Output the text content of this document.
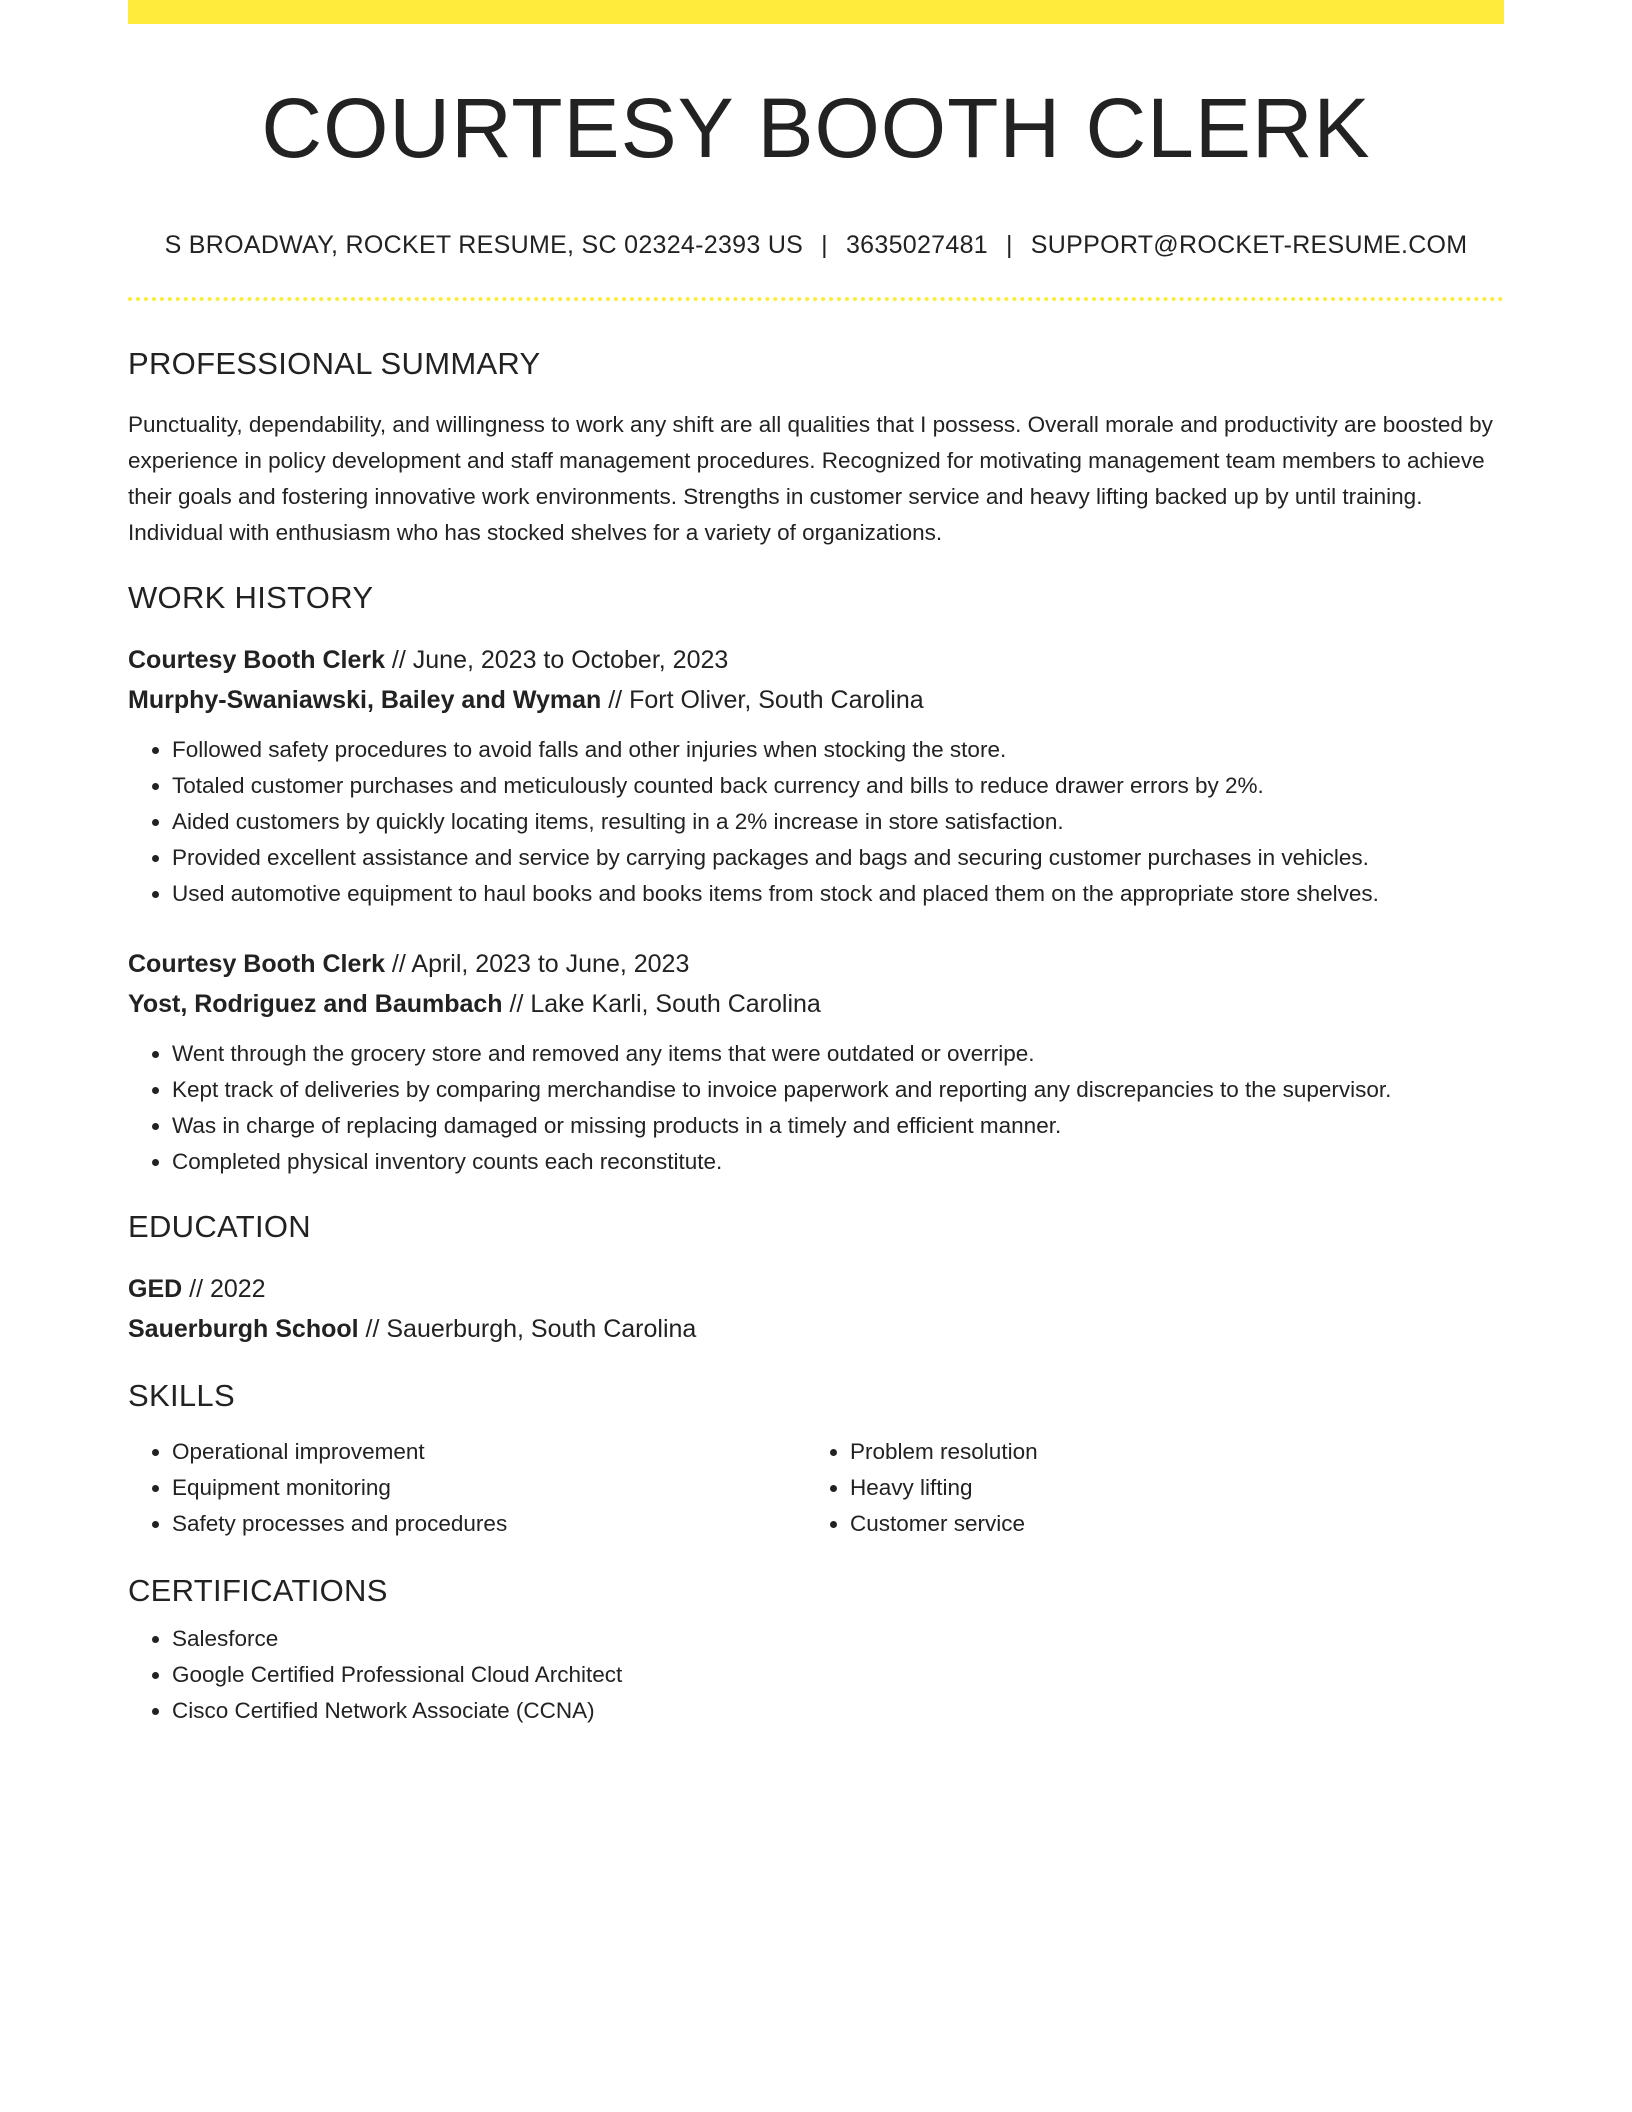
COURTESY BOOTH CLERK
S BROADWAY, ROCKET RESUME, SC 02324-2393 US | 3635027481 | SUPPORT@ROCKET-RESUME.COM
PROFESSIONAL SUMMARY
Punctuality, dependability, and willingness to work any shift are all qualities that I possess. Overall morale and productivity are boosted by experience in policy development and staff management procedures. Recognized for motivating management team members to achieve their goals and fostering innovative work environments. Strengths in customer service and heavy lifting backed up by until training. Individual with enthusiasm who has stocked shelves for a variety of organizations.
WORK HISTORY
Courtesy Booth Clerk // June, 2023 to October, 2023
Murphy-Swaniawski, Bailey and Wyman // Fort Oliver, South Carolina
• Followed safety procedures to avoid falls and other injuries when stocking the store.
• Totaled customer purchases and meticulously counted back currency and bills to reduce drawer errors by 2%.
• Aided customers by quickly locating items, resulting in a 2% increase in store satisfaction.
• Provided excellent assistance and service by carrying packages and bags and securing customer purchases in vehicles.
• Used automotive equipment to haul books and books items from stock and placed them on the appropriate store shelves.
Courtesy Booth Clerk // April, 2023 to June, 2023
Yost, Rodriguez and Baumbach // Lake Karli, South Carolina
• Went through the grocery store and removed any items that were outdated or overripe.
• Kept track of deliveries by comparing merchandise to invoice paperwork and reporting any discrepancies to the supervisor.
• Was in charge of replacing damaged or missing products in a timely and efficient manner.
• Completed physical inventory counts each reconstitute.
EDUCATION
GED // 2022
Sauerburgh School // Sauerburgh, South Carolina
SKILLS
• Operational improvement
• Equipment monitoring
• Safety processes and procedures
• Problem resolution
• Heavy lifting
• Customer service
CERTIFICATIONS
• Salesforce
• Google Certified Professional Cloud Architect
• Cisco Certified Network Associate (CCNA)
